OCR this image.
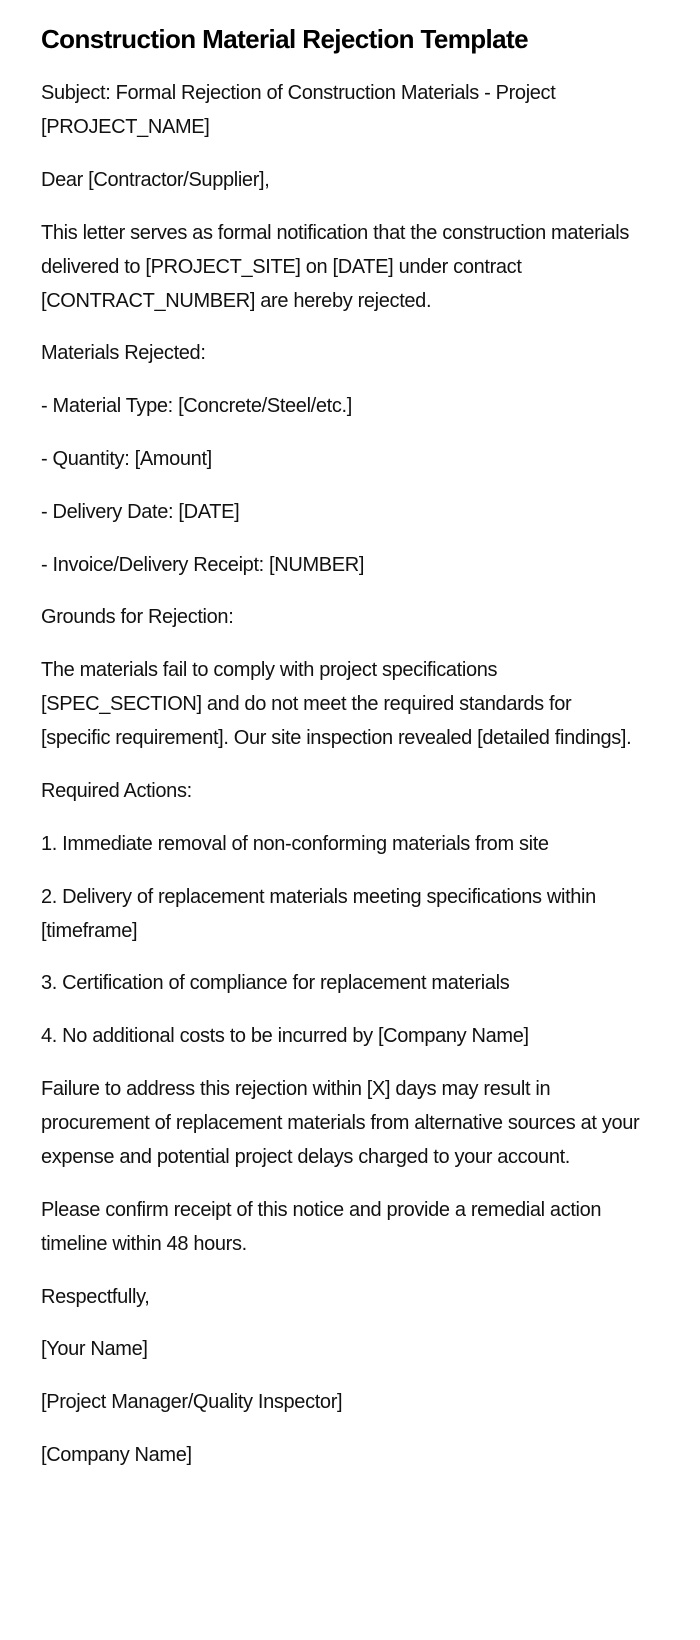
Construction Material Rejection Template

Subject: Formal Rejection of Construction Materials - Project [PROJECT_NAME]

Dear [Contractor/Supplier],

This letter serves as formal notification that the construction materials delivered to [PROJECT_SITE] on [DATE] under contract [CONTRACT_NUMBER] are hereby rejected.

Materials Rejected:

- Material Type: [Concrete/Steel/etc.]

- Quantity: [Amount]

- Delivery Date: [DATE]

- Invoice/Delivery Receipt: [NUMBER]

Grounds for Rejection:

The materials fail to comply with project specifications [SPEC_SECTION] and do not meet the required standards for [specific requirement]. Our site inspection revealed [detailed findings].

Required Actions:

1. Immediate removal of non-conforming materials from site

2. Delivery of replacement materials meeting specifications within [timeframe]

3. Certification of compliance for replacement materials

4. No additional costs to be incurred by [Company Name]

Failure to address this rejection within [X] days may result in procurement of replacement materials from alternative sources at your expense and potential project delays charged to your account.

Please confirm receipt of this notice and provide a remedial action timeline within 48 hours.

Respectfully,

[Your Name]

[Project Manager/Quality Inspector]

[Company Name]
